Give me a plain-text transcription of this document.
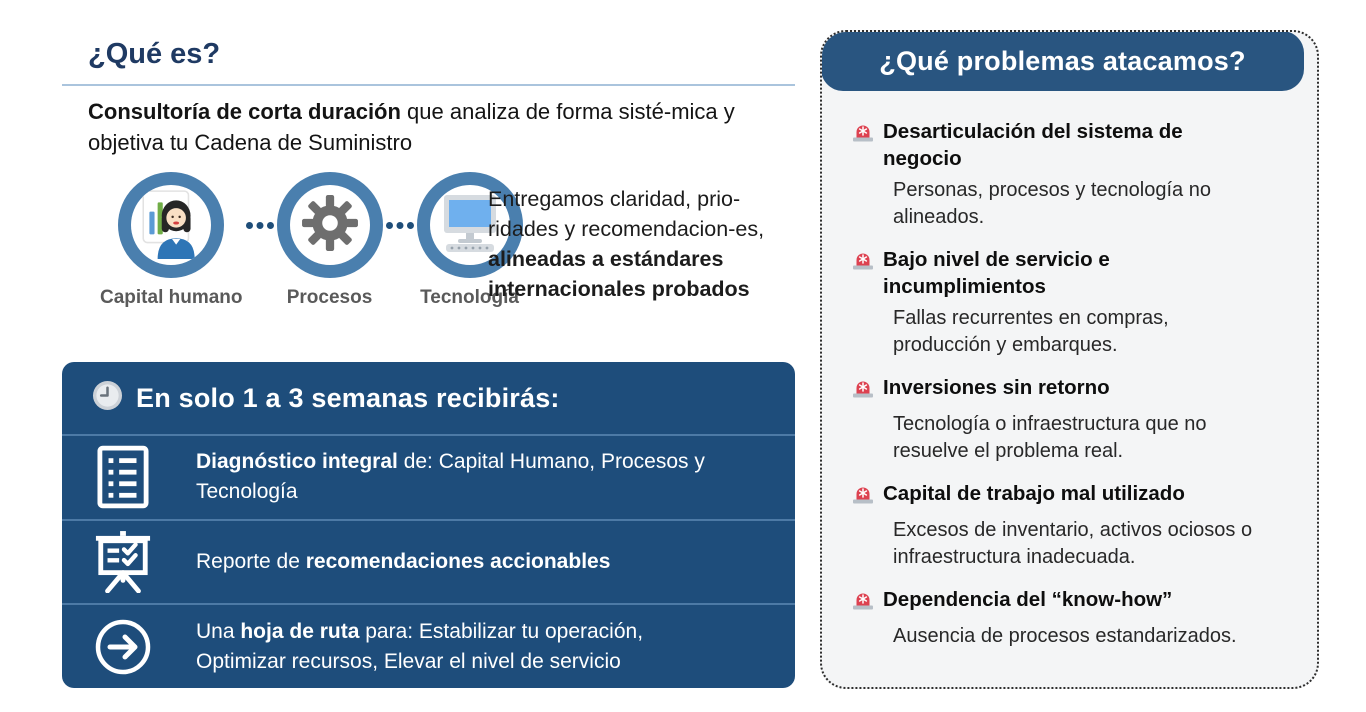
¿Qué es?

Consultoría de corta duración que analiza de forma sisté-mica y objetiva tu Cadena de Suministro

Capital humano Procesos	Tecnología

Entregamos claridad, prio-ridades y recomendacion-es, alineadas a estándares internacionales probados

En solo 1 a 3 semanas recibirás:
Diagnóstico integral de: Capital Humano, Procesos y Tecnología
Reporte de recomendaciones accionables
Una hoja de ruta para: Estabilizar tu operación, Optimizar recursos, Elevar el nivel de servicio
¿Qué problemas atacamos?
Desarticulación del sistema de negocio

Personas, procesos y tecnología no alineados.

Bajo nivel de servicio e incumplimientos

Fallas recurrentes en compras, producción y embarques.

Inversiones sin retorno

Tecnología o infraestructura que no resuelve el problema real.

Capital de trabajo mal utilizado

Excesos de inventario, activos ociosos o infraestructura inadecuada.

Dependencia del “know-how”

Ausencia de procesos estandarizados.
